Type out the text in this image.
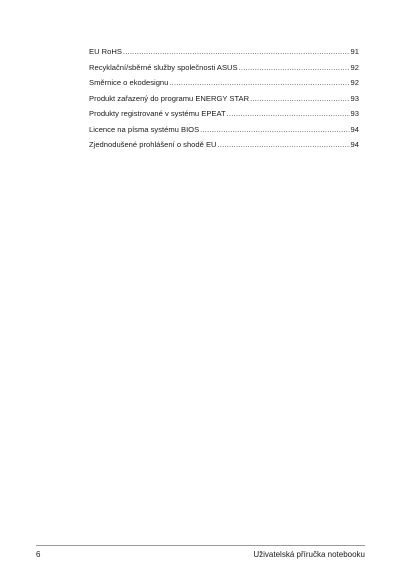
EU RoHS .....	91
Recyklační/sběrné služby společnosti ASUS .....	92
Směrnice o ekodesignu .....	92
Produkt zařazený do programu ENERGY STAR .....	93
Produkty registrované v systému EPEAT .....	93
Licence na písma systému BIOS .....	94
Zjednodušené prohlášení o shodě EU .....	94
6	Uživatelská příručka notebooku
